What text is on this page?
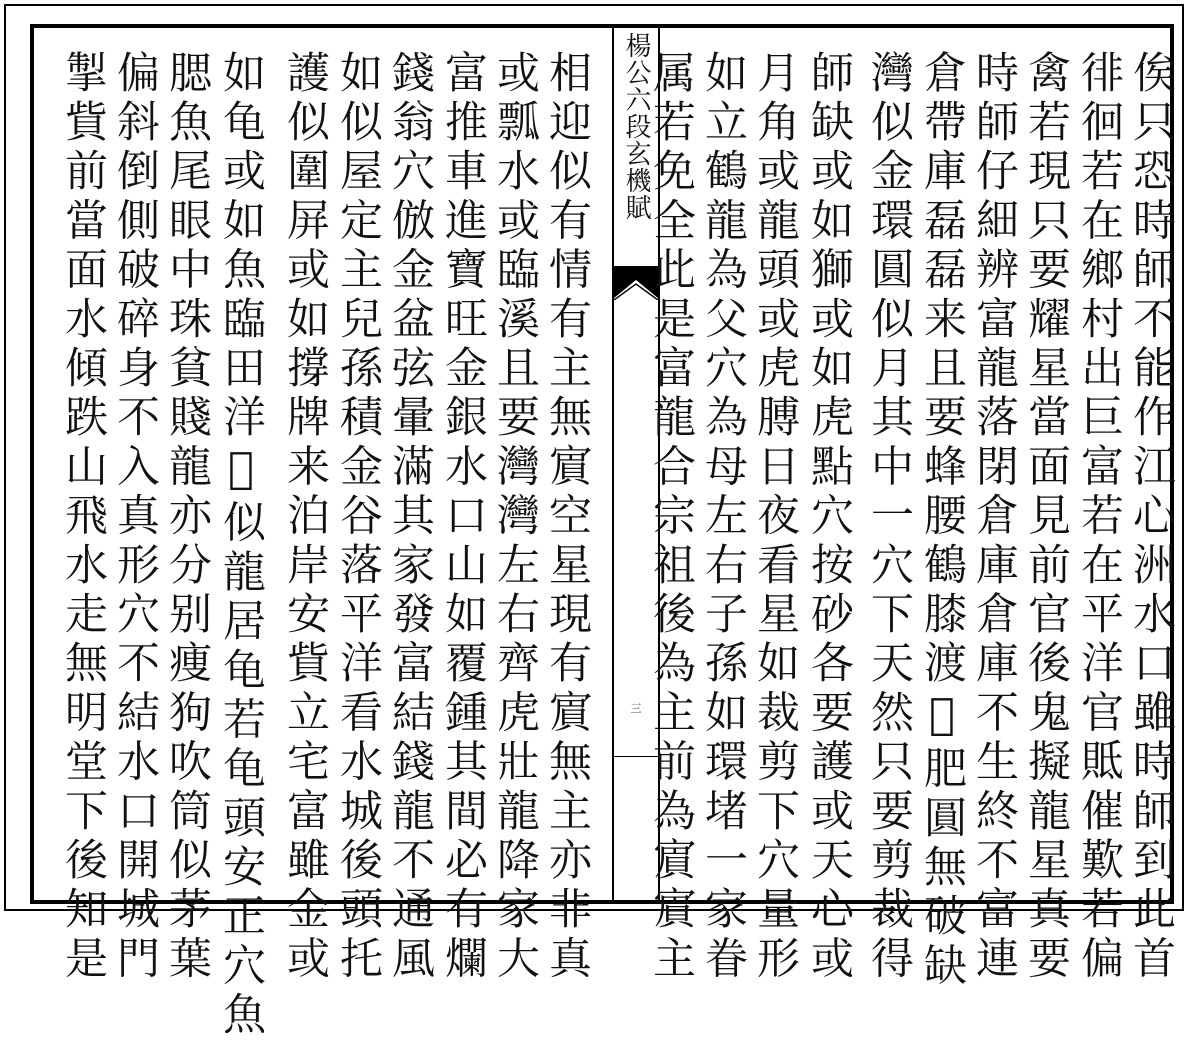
相迎似有情有主無賔空星現有賔無主亦非真
或瓢水或臨溪且要灣灣左右齊虎壯龍降家大
富推車進寶旺金銀水口山如覆鍾其間必有爛
錢翁穴倣金盆弦暈滿其家發富結錢龍不通風
如似屋定主兒孫積金谷落平洋看水城後頭托
護似圍屏或如撐牌来泊岸安貲立宅富雖金或
如龟或如魚臨田洋𣲖似龍居龟若龟頭安正穴魚
腮魚尾眼中珠貧賤龍亦分别痩狗吹筒似茅葉
偏斜倒側破碎身不入真形穴不結水口開城門
掣貲前當面水傾跌山飛水走無明堂下後知是	楊公六段玄機賦
三	俟只恐時師不能作江心洲水口雖時師到此首
徘徊若在鄉村出巨富若在平洋官貾催歎若偏
禽若現只要耀星當面見前官後鬼擬龍星真要
時師仔細辨富龍落閉倉庫倉庫不生終不富連
倉帶庫磊磊来且要蜂腰鶴膝渡𣲖肥圓無破缺
灣似金環圓似月其中一穴下天然只要剪裁得
師缺或如獅或如虎點穴按砂各要護或天心或
月角或龍頭或虎膊日夜看星如裁剪下穴量形
如立鶴龍為父穴為母左右子孫如環堵一家眷
属若免全此是富龍合宗祖後為主前為賔賔主
